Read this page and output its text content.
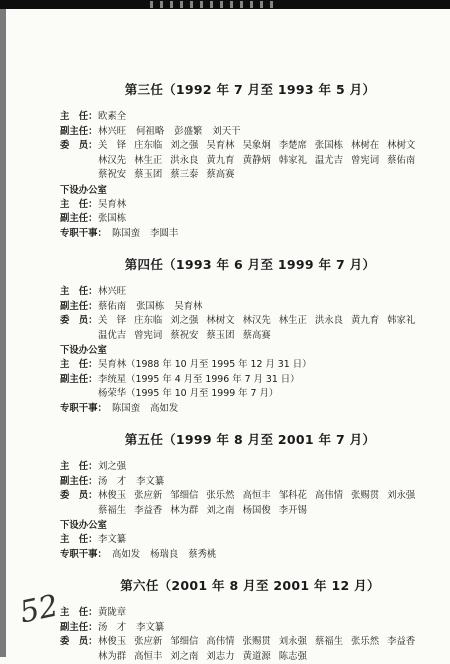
第三任（1992 年 7 月至 1993 年 5 月）
主　任： 欧素全
副主任： 林兴旺 何祖略 彭盛繁 刘天干
委　员： 关　铎 庄东临 刘之强 吴育林 吴象炯 李楚席 张国栋 林树在 林树文
林汉先 林生正 洪永良 黄九育 黄静炳 韩家礼 温尤吉 曾宪词 蔡佑南
蔡祝安 蔡玉团 蔡三泰 蔡高赛
下设办公室
主　任： 吴育林
副主任： 张国栋
专职干事： 陈国蛮 李圆丰
第四任（1993 年 6 月至 1999 年 7 月）
主　任： 林兴旺
副主任： 蔡佑南 张国栋 吴育林
委　员： 关　铎 庄东临 刘之强 林树文 林汉先 林生正 洪永良 黄九育 韩家礼
温优吉 曾宪词 蔡祝安 蔡玉团 蔡高赛
下设办公室
主　任： 吴育林（1988 年 10 月至 1995 年 12 月 31 日）
副主任： 李统星（1995 年 4 月至 1996 年 7 月 31 日）
杨荣华（1995 年 10 月至 1999 年 7 月）
专职干事： 陈国蛮 高如发
第五任（1999 年 8 月至 2001 年 7 月）
主　任： 刘之强
副主任： 汤　才 李文纂
委　员： 林俊玉 张应新 邹细信 张乐然 高恒丰 邹科花 高伟情 张赐贯 刘永强
蔡福生 李益香 林为群 刘之南 杨国俊 李开锡
下设办公室
主　任： 李文纂
专职干事： 高如发 杨瑞良 蔡秀桃
第六任（2001 年 8 月至 2001 年 12 月）
主　任： 黄陇章
副主任： 汤　才 李文纂
委　员： 林俊玉 张应新 邹细信 高伟情 张赐贯 刘永强 蔡福生 张乐然 李益香
林为群 高恒丰 刘之南 刘志力 黄道源 陈志强
52
